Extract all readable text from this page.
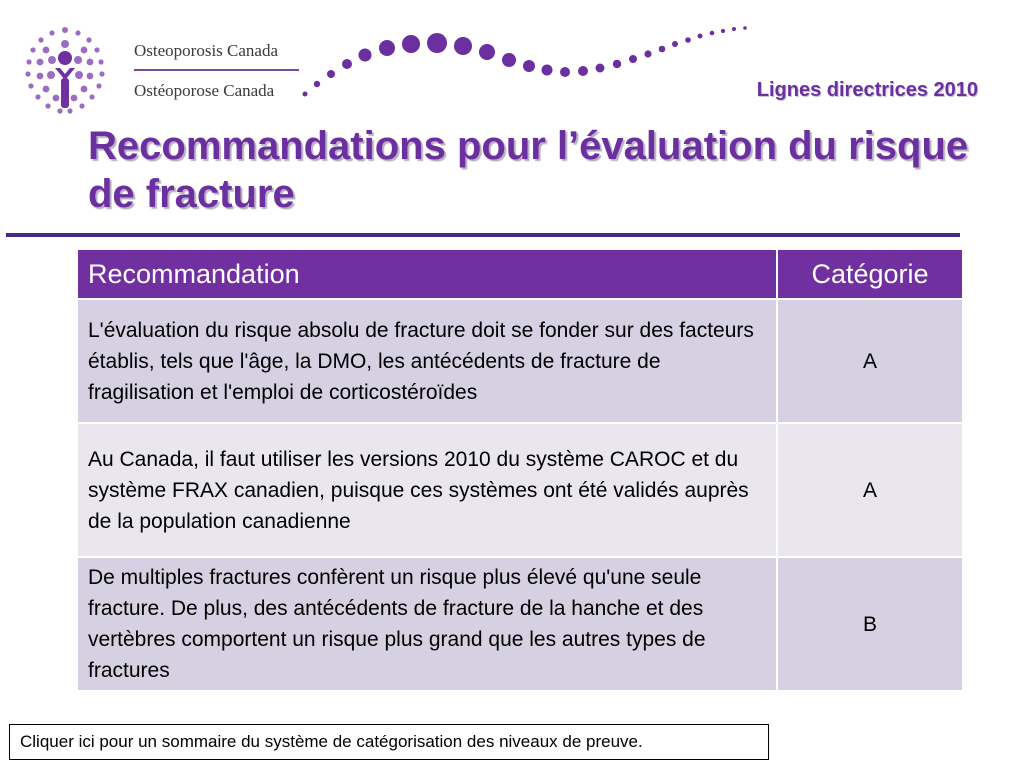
Osteoporosis Canada
Ostéoporose Canada	Lignes directrices 2010
Recommandations pour l’évaluation du risque de fracture
Recommandation	Catégorie
L'évaluation du risque absolu de fracture doit se fonder sur des facteurs établis, tels que l'âge, la DMO, les antécédents de fracture de fragilisation et l'emploi de corticostéroïdes	A
Au Canada, il faut utiliser les versions 2010 du système CAROC et du système FRAX canadien, puisque ces systèmes ont été validés auprès de la population canadienne	A
De multiples fractures confèrent un risque plus élevé qu'une seule fracture. De plus, des antécédents de fracture de la hanche et des vertèbres comportent un risque plus grand que les autres types de fractures	B
Cliquer ici pour un sommaire du système de catégorisation des niveaux de preuve.
